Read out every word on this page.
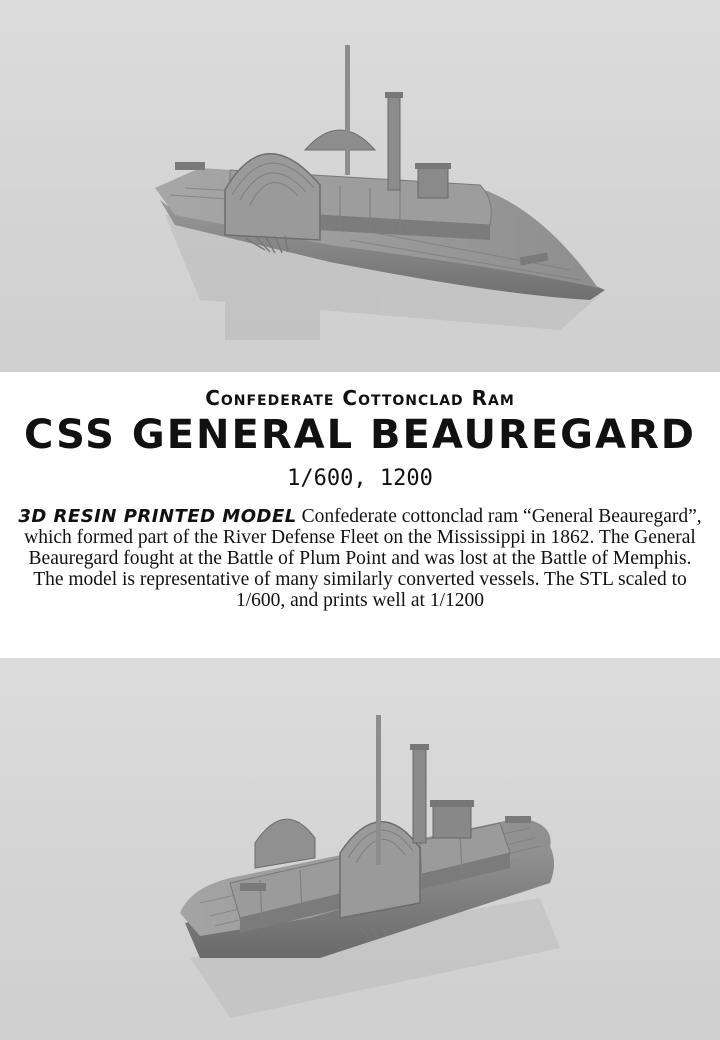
Confederate Cottonclad Ram
CSS GENERAL BEAUREGARD
1/600, 1200
3D RESIN PRINTED MODEL Confederate cottonclad ram “General Beauregard”, which formed part of the River Defense Fleet on the Mississippi in 1862. The General Beauregard fought at the Battle of Plum Point and was lost at the Battle of Memphis. The model is representative of many similarly converted vessels. The STL scaled to 1/600, and prints well at 1/1200
